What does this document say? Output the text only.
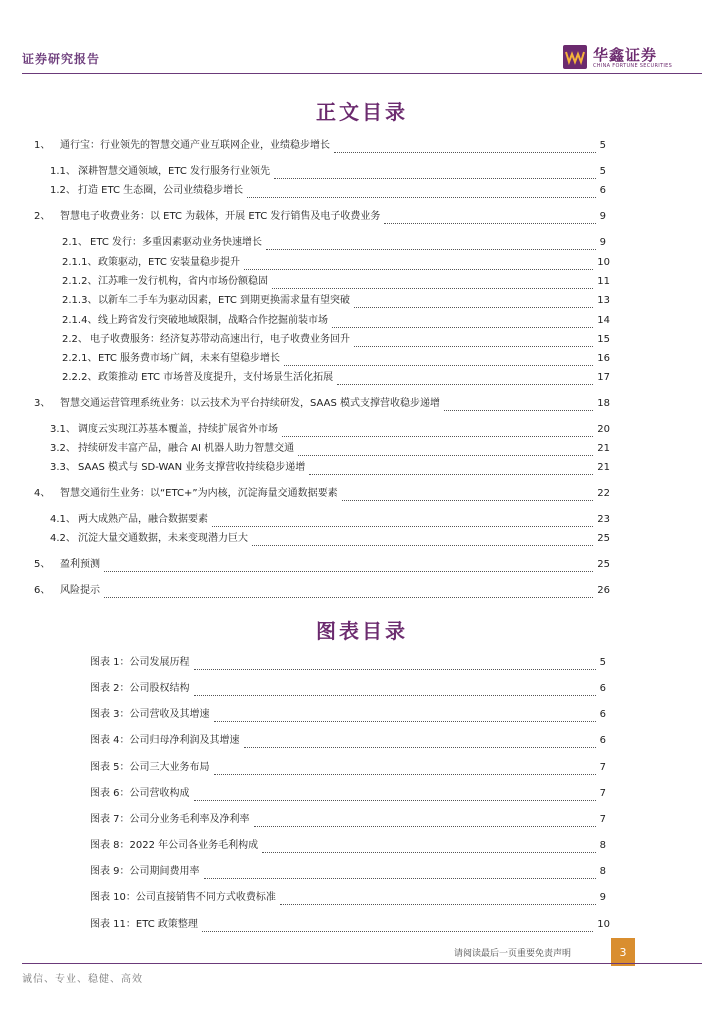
证券研究报告	华鑫证券
CHINA FORTUNE SECURITIES
正文目录
1、 通行宝：行业领先的智慧交通产业互联网企业，业绩稳步增长	5
1.1、 深耕智慧交通领域，ETC 发行服务行业领先	5
1.2、 打造 ETC 生态圈，公司业绩稳步增长	6
2、 智慧电子收费业务：以 ETC 为载体，开展 ETC 发行销售及电子收费业务	9
2.1、 ETC 发行：多重因素驱动业务快速增长	9
2.1.1、 政策驱动，ETC 安装量稳步提升	10
2.1.2、 江苏唯一发行机构，省内市场份额稳固	11
2.1.3、 以新车二手车为驱动因素，ETC 到期更换需求量有望突破	13
2.1.4、 线上跨省发行突破地域限制，战略合作挖掘前装市场	14
2.2、 电子收费服务：经济复苏带动高速出行，电子收费业务回升	15
2.2.1、 ETC 服务费市场广阔，未来有望稳步增长	16
2.2.2、 政策推动 ETC 市场普及度提升，支付场景生活化拓展	17
3、 智慧交通运营管理系统业务：以云技术为平台持续研发，SAAS 模式支撑营收稳步递增	18
3.1、 调度云实现江苏基本覆盖，持续扩展省外市场	20
3.2、 持续研发丰富产品，融合 AI 机器人助力智慧交通	21
3.3、 SAAS 模式与 SD-WAN 业务支撑营收持续稳步递增	21
4、 智慧交通衍生业务：以“ETC+”为内核，沉淀海量交通数据要素	22
4.1、 两大成熟产品，融合数据要素	23
4.2、 沉淀大量交通数据，未来变现潜力巨大	25
5、 盈利预测	25
6、 风险提示	26
图表目录
图表 1：公司发展历程	5
图表 2：公司股权结构	6
图表 3：公司营收及其增速	6
图表 4：公司归母净利润及其增速	6
图表 5：公司三大业务布局	7
图表 6：公司营收构成	7
图表 7：公司分业务毛利率及净利率	7
图表 8：2022 年公司各业务毛利构成	8
图表 9：公司期间费用率	8
图表 10：公司直接销售不同方式收费标准	9
图表 11：ETC 政策整理	10
请阅读最后一页重要免责声明	3
诚信、专业、稳健、高效
